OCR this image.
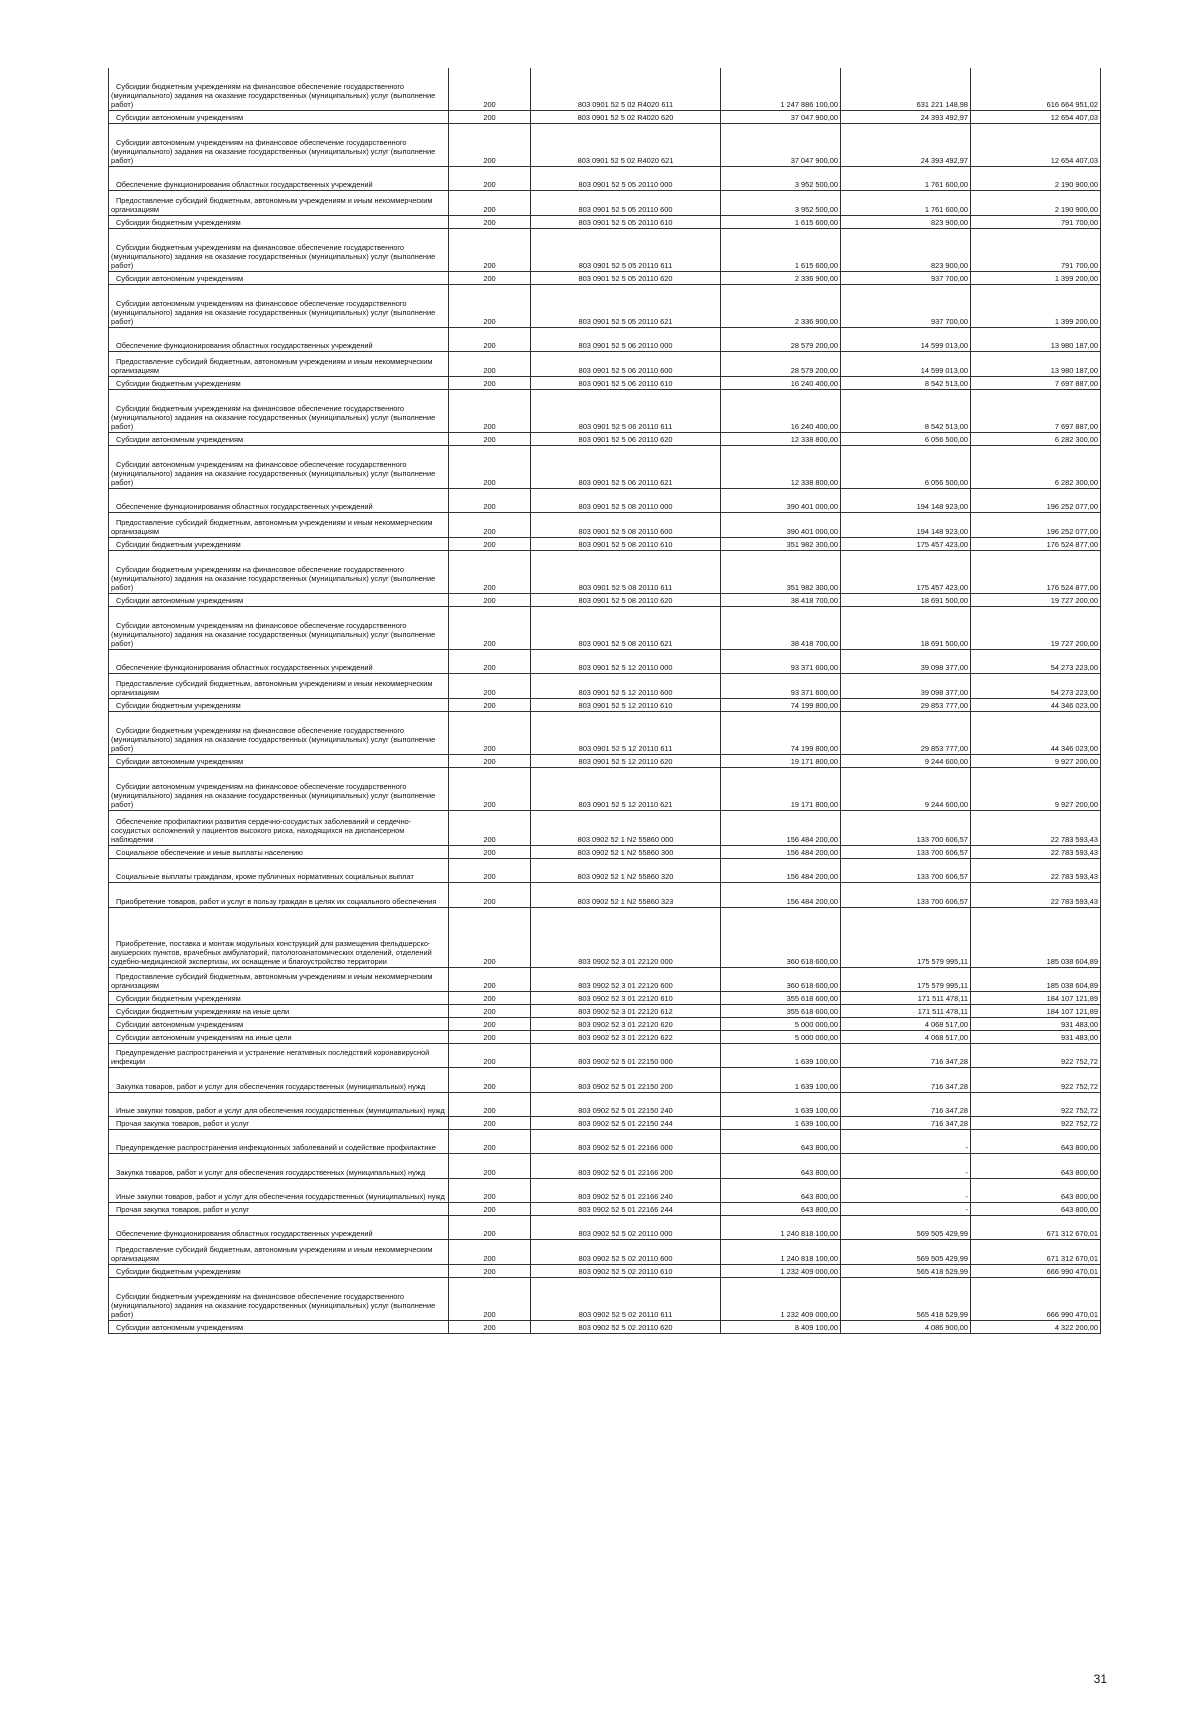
Субсидии бюджетным учреждениям на финансовое обеспечение государственного (муниципального) задания на оказание государственных (муниципальных) услуг (выполнение работ)	200	803 0901 52 5 02 R4020 611	1 247 886 100,00	631 221 148,98	616 664 951,02

Субсидии автономным учреждениям	200	803 0901 52 5 02 R4020 620	37 047 900,00	24 393 492,97	12 654 407,03

Субсидии автономным учреждениям на финансовое обеспечение государственного (муниципального) задания на оказание государственных (муниципальных) услуг (выполнение работ)	200	803 0901 52 5 02 R4020 621	37 047 900,00	24 393 492,97	12 654 407,03

Обеспечение функционирования областных государственных учреждений	200	803 0901 52 5 05 20110 000	3 952 500,00	1 761 600,00	2 190 900,00

Предоставление субсидий бюджетным, автономным учреждениям и иным некоммерческим организациям	200	803 0901 52 5 05 20110 600	3 952 500,00	1 761 600,00	2 190 900,00

Субсидии бюджетным учреждениям	200	803 0901 52 5 05 20110 610	1 615 600,00	823 900,00	791 700,00

Субсидии бюджетным учреждениям на финансовое обеспечение государственного (муниципального) задания на оказание государственных (муниципальных) услуг (выполнение работ)	200	803 0901 52 5 05 20110 611	1 615 600,00	823 900,00	791 700,00

Субсидии автономным учреждениям	200	803 0901 52 5 05 20110 620	2 336 900,00	937 700,00	1 399 200,00

Субсидии автономным учреждениям на финансовое обеспечение государственного (муниципального) задания на оказание государственных (муниципальных) услуг (выполнение работ)	200	803 0901 52 5 05 20110 621	2 336 900,00	937 700,00	1 399 200,00

Обеспечение функционирования областных государственных учреждений	200	803 0901 52 5 06 20110 000	28 579 200,00	14 599 013,00	13 980 187,00

Предоставление субсидий бюджетным, автономным учреждениям и иным некоммерческим организациям	200	803 0901 52 5 06 20110 600	28 579 200,00	14 599 013,00	13 980 187,00

Субсидии бюджетным учреждениям	200	803 0901 52 5 06 20110 610	16 240 400,00	8 542 513,00	7 697 887,00

Субсидии бюджетным учреждениям на финансовое обеспечение государственного (муниципального) задания на оказание государственных (муниципальных) услуг (выполнение работ)	200	803 0901 52 5 06 20110 611	16 240 400,00	8 542 513,00	7 697 887,00

Субсидии автономным учреждениям	200	803 0901 52 5 06 20110 620	12 338 800,00	6 056 500,00	6 282 300,00

Субсидии автономным учреждениям на финансовое обеспечение государственного (муниципального) задания на оказание государственных (муниципальных) услуг (выполнение работ)	200	803 0901 52 5 06 20110 621	12 338 800,00	6 056 500,00	6 282 300,00

Обеспечение функционирования областных государственных учреждений	200	803 0901 52 5 08 20110 000	390 401 000,00	194 148 923,00	196 252 077,00

Предоставление субсидий бюджетным, автономным учреждениям и иным некоммерческим организациям	200	803 0901 52 5 08 20110 600	390 401 000,00	194 148 923,00	196 252 077,00

Субсидии бюджетным учреждениям	200	803 0901 52 5 08 20110 610	351 982 300,00	175 457 423,00	176 524 877,00

Субсидии бюджетным учреждениям на финансовое обеспечение государственного (муниципального) задания на оказание государственных (муниципальных) услуг (выполнение работ)	200	803 0901 52 5 08 20110 611	351 982 300,00	175 457 423,00	176 524 877,00

Субсидии автономным учреждениям	200	803 0901 52 5 08 20110 620	38 418 700,00	18 691 500,00	19 727 200,00

Субсидии автономным учреждениям на финансовое обеспечение государственного (муниципального) задания на оказание государственных (муниципальных) услуг (выполнение работ)	200	803 0901 52 5 08 20110 621	38 418 700,00	18 691 500,00	19 727 200,00

Обеспечение функционирования областных государственных учреждений	200	803 0901 52 5 12 20110 000	93 371 600,00	39 098 377,00	54 273 223,00

Предоставление субсидий бюджетным, автономным учреждениям и иным некоммерческим организациям	200	803 0901 52 5 12 20110 600	93 371 600,00	39 098 377,00	54 273 223,00

Субсидии бюджетным учреждениям	200	803 0901 52 5 12 20110 610	74 199 800,00	29 853 777,00	44 346 023,00

Субсидии бюджетным учреждениям на финансовое обеспечение государственного (муниципального) задания на оказание государственных (муниципальных) услуг (выполнение работ)	200	803 0901 52 5 12 20110 611	74 199 800,00	29 853 777,00	44 346 023,00

Субсидии автономным учреждениям	200	803 0901 52 5 12 20110 620	19 171 800,00	9 244 600,00	9 927 200,00

Субсидии автономным учреждениям на финансовое обеспечение государственного (муниципального) задания на оказание государственных (муниципальных) услуг (выполнение работ)	200	803 0901 52 5 12 20110 621	19 171 800,00	9 244 600,00	9 927 200,00

Обеспечение профилактики развития сердечно-сосудистых заболеваний и сердечно-сосудистых осложнений у пациентов высокого риска, находящихся на диспансерном наблюдении	200	803 0902 52 1 N2 55860 000	156 484 200,00	133 700 606,57	22 783 593,43

Социальное обеспечение и иные выплаты населению	200	803 0902 52 1 N2 55860 300	156 484 200,00	133 700 606,57	22 783 593,43

Социальные выплаты гражданам, кроме публичных нормативных социальных выплат	200	803 0902 52 1 N2 55860 320	156 484 200,00	133 700 606,57	22 783 593,43

Приобретение товаров, работ и услуг в пользу граждан в целях их социального обеспечения	200	803 0902 52 1 N2 55860 323	156 484 200,00	133 700 606,57	22 783 593,43

Приобретение, поставка и монтаж модульных конструкций для размещения фельдшерско-акушерских пунктов, врачебных амбулаторий, патологоанатомических отделений, отделений судебно-медицинской экспертизы, их оснащение и благоустройство территории	200	803 0902 52 3 01 22120 000	360 618 600,00	175 579 995,11	185 038 604,89

Предоставление субсидий бюджетным, автономным учреждениям и иным некоммерческим организациям	200	803 0902 52 3 01 22120 600	360 618 600,00	175 579 995,11	185 038 604,89

Субсидии бюджетным учреждениям	200	803 0902 52 3 01 22120 610	355 618 600,00	171 511 478,11	184 107 121,89

Субсидии бюджетным учреждениям на иные цели	200	803 0902 52 3 01 22120 612	355 618 600,00	171 511 478,11	184 107 121,89

Субсидии автономным учреждениям	200	803 0902 52 3 01 22120 620	5 000 000,00	4 068 517,00	931 483,00

Субсидии автономным учреждениям на иные цели	200	803 0902 52 3 01 22120 622	5 000 000,00	4 068 517,00	931 483,00

Предупреждение распространения и устранение негативных последствий коронавирусной инфекции	200	803 0902 52 5 01 22150 000	1 639 100,00	716 347,28	922 752,72

Закупка товаров, работ и услуг для обеспечения государственных (муниципальных) нужд	200	803 0902 52 5 01 22150 200	1 639 100,00	716 347,28	922 752,72

Иные закупки товаров, работ и услуг для обеспечения государственных (муниципальных) нужд	200	803 0902 52 5 01 22150 240	1 639 100,00	716 347,28	922 752,72

Прочая закупка товаров, работ и услуг	200	803 0902 52 5 01 22150 244	1 639 100,00	716 347,28	922 752,72

Предупреждение распространения инфекционных заболеваний и содействие профилактике	200	803 0902 52 5 01 22166 000	643 800,00	-	643 800,00

Закупка товаров, работ и услуг для обеспечения государственных (муниципальных) нужд	200	803 0902 52 5 01 22166 200	643 800,00	-	643 800,00

Иные закупки товаров, работ и услуг для обеспечения государственных (муниципальных) нужд	200	803 0902 52 5 01 22166 240	643 800,00	-	643 800,00

Прочая закупка товаров, работ и услуг	200	803 0902 52 5 01 22166 244	643 800,00	-	643 800,00

Обеспечение функционирования областных государственных учреждений	200	803 0902 52 5 02 20110 000	1 240 818 100,00	569 505 429,99	671 312 670,01

Предоставление субсидий бюджетным, автономным учреждениям и иным некоммерческим организациям	200	803 0902 52 5 02 20110 600	1 240 818 100,00	569 505 429,99	671 312 670,01

Субсидии бюджетным учреждениям	200	803 0902 52 5 02 20110 610	1 232 409 000,00	565 418 529,99	666 990 470,01

Субсидии бюджетным учреждениям на финансовое обеспечение государственного (муниципального) задания на оказание государственных (муниципальных) услуг (выполнение работ)	200	803 0902 52 5 02 20110 611	1 232 409 000,00	565 418 529,99	666 990 470,01

Субсидии автономным учреждениям	200	803 0902 52 5 02 20110 620	8 409 100,00	4 086 900,00	4 322 200,00
31
